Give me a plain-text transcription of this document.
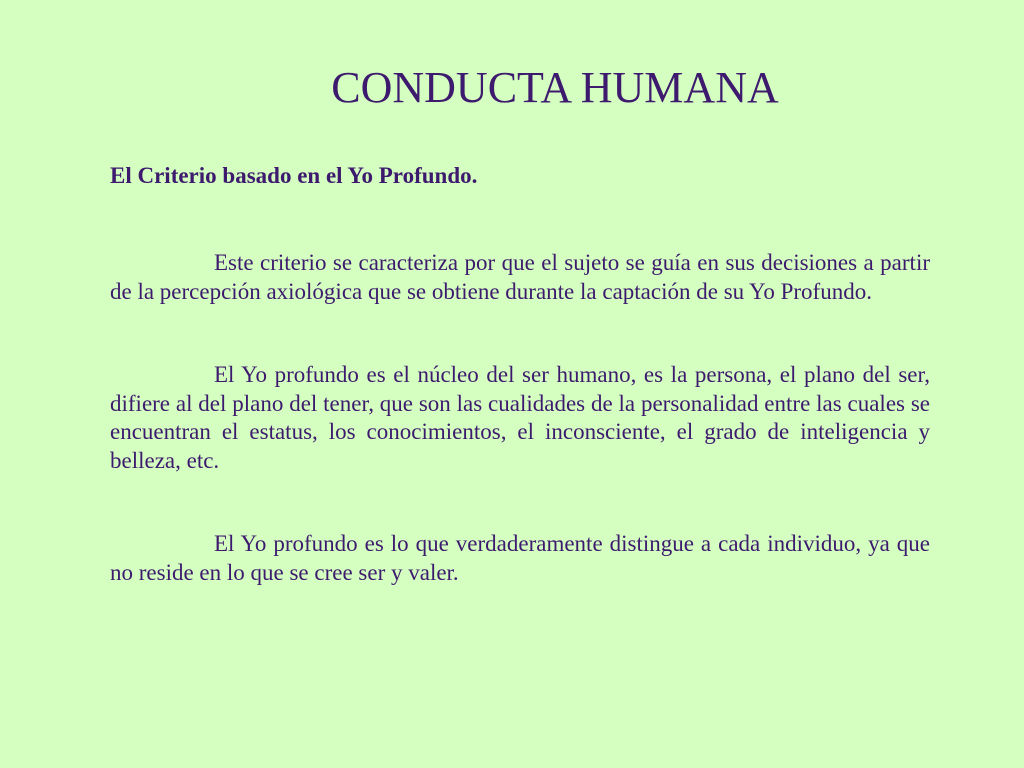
CONDUCTA HUMANA

El Criterio basado en el Yo Profundo.

Este criterio se caracteriza por que el sujeto se guía en sus decisiones a partir de la percepción axiológica que se obtiene durante la captación de su Yo Profundo.

El Yo profundo es el núcleo del ser humano, es la persona, el plano del ser, difiere al del plano del tener, que son las cualidades de la personalidad entre las cuales se encuentran el estatus, los conocimientos, el inconsciente, el grado de inteligencia y belleza, etc.

El Yo profundo es lo que verdaderamente distingue a cada individuo, ya que no reside en lo que se cree ser y valer.
